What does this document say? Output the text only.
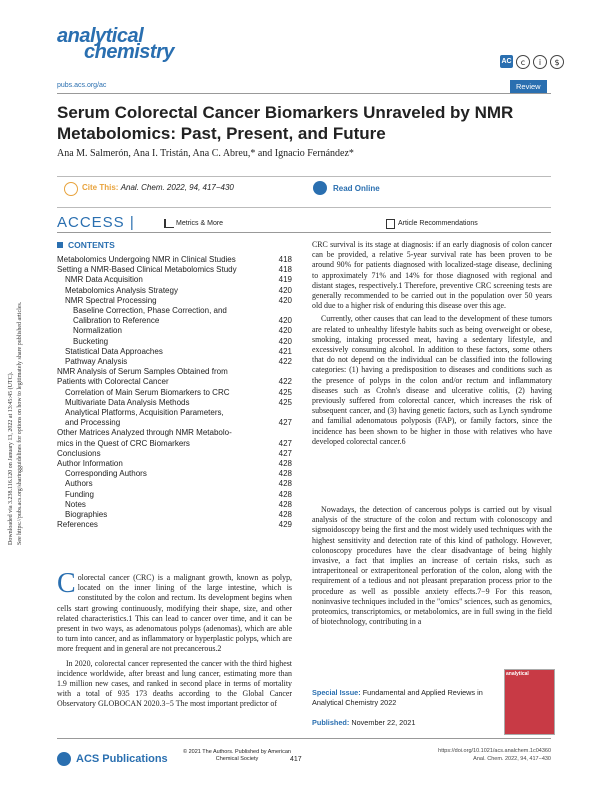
analytical
chemistry	AC	c	i	$
pubs.acs.org/ac	Review
Serum Colorectal Cancer Biomarkers Unraveled by NMR Metabolomics: Past, Present, and Future
Ana M. Salmerón, Ana I. Tristán, Ana C. Abreu,* and Ignacio Fernández*
Cite This: Anal. Chem. 2022, 94, 417−430	Read Online
ACCESS |	Metrics & More	Article Recommendations
CONTENTS
Metabolomics Undergoing NMR in Clinical Studies	418
Setting a NMR-Based Clinical Metabolomics Study	418
NMR Data Acquisition	419
Metabolomics Analysis Strategy	420
NMR Spectral Processing	420
Baseline Correction, Phase Correction, and
Calibration to Reference	420
Normalization	420
Bucketing	420
Statistical Data Approaches	421
Pathway Analysis	422
NMR Analysis of Serum Samples Obtained from
Patients with Colorectal Cancer	422
Correlation of Main Serum Biomarkers to CRC	425
Multivariate Data Analysis Methods	425
Analytical Platforms, Acquisition Parameters,
and Processing	427
Other Matrices Analyzed through NMR Metabolo-
mics in the Quest of CRC Biomarkers	427
Conclusions	427
Author Information	428
Corresponding Authors	428
Authors	428
Funding	428
Notes	428
Biographies	428
References	429

Colorectal cancer (CRC) is a malignant growth, known as polyp, located on the inner lining of the large intestine, which is constituted by the colon and rectum. Its development begins when cells start growing continuously, modifying their shape, size, and other related characteristics.1 This can lead to cancer over time, and it can be present in two ways, as adenomatous polyps (adenomas), which are able to turn into cancer, and as inflammatory or hyperplastic polyps, which are more frequent and in general are not precancerous.2

In 2020, colorectal cancer represented the cancer with the third highest incidence worldwide, after breast and lung cancer, estimating more than 1.9 million new cases, and ranked in second place in terms of mortality with a total of 935 173 deaths according to the Global Cancer Observatory GLOBOCAN 2020.3−5 The most important predictor of

CRC survival is its stage at diagnosis: if an early diagnosis of colon cancer can be provided, a relative 5-year survival rate has been proven to be around 90% for patients diagnosed with localized-stage disease, declining to approximately 71% and 14% for those diagnosed with regional and distant stages, respectively.1 Therefore, preventive CRC screening tests are generally recommended to be carried out in the population over 50 years old due to a higher risk of enduring this disease over this age.

Currently, other causes that can lead to the development of these tumors are related to unhealthy lifestyle habits such as being overweight or obese, smoking, intaking processed meat, having a sedentary lifestyle, and excessively consuming alcohol. In addition to these factors, some others that do not depend on the individual can be classified into the following categories: (1) having a predisposition to diseases and conditions such as the presence of polyps in the colon and/or rectum and inflammatory diseases such as Crohn's disease and ulcerative colitis, (2) having previously suffered from colorectal cancer, which increases the risk of subsequent cancer, and (3) having genetic factors, such as Lynch syndrome and familial adenomatous polyposis (FAP), or family factors, since the incidence has been shown to be higher in those with relatives who have developed colorectal cancer.6

Nowadays, the detection of cancerous polyps is carried out by visual analysis of the structure of the colon and rectum with colonoscopy and sigmoidoscopy being the first and the most widely used techniques with the highest sensitivity and detection rate of this kind of pathology. However, colonoscopy procedures have the clear disadvantage of being highly invasive, a fact that implies an increase of certain risks, such as intraperitoneal or extraperitoneal perforation of the colon, along with the requirement of a tedious and not pleasant preparation process prior to the procedure as well as possible anxiety effects.7−9 For this reason, noninvasive techniques included in the "omics" sciences, such as genomics, proteomics, transcriptomics, or metabolomics, are in full swing in the field of biotechnology, contributing in a
Special Issue: Fundamental and Applied Reviews in Analytical Chemistry 2022

Published: November 22, 2021
analytical
Downloaded via 3.238.116.120 on January 13, 2022 at 13:45:45 (UTC). See https://pubs.acs.org/sharingguidelines for options on how to legitimately share published articles.
ACS Publications
© 2021 The Authors. Published by American Chemical Society	417
https://doi.org/10.1021/acs.analchem.1c04360
Anal. Chem. 2022, 94, 417−430
